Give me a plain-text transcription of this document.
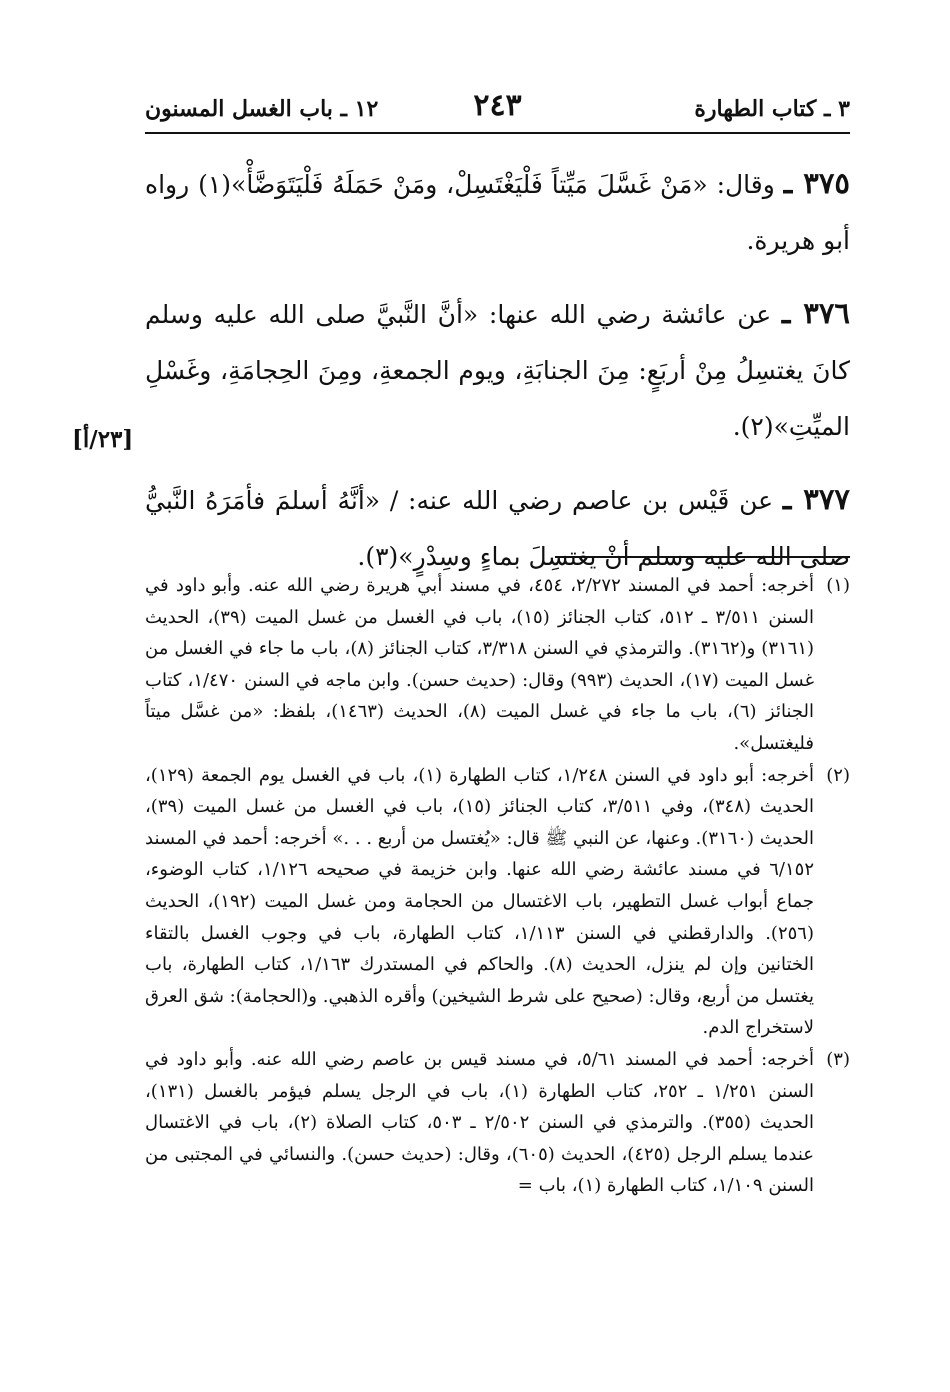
٣ ـ كتاب الطهارة
٢٤٣
١٢ ـ باب الغسل المسنون
[٢٣/أ]

٣٧٥ ـ وقال: «مَنْ غَسَّلَ مَيِّتاً فَلْيَغْتَسِلْ، ومَنْ حَمَلَهُ فَلْيَتَوَضَّأْ»(١) رواه أبو هريرة.

٣٧٦ ـ عن عائشة رضي الله عنها: «أنَّ النَّبيَّ صلى الله عليه وسلم كانَ يغتسِلُ مِنْ أربَعٍ: مِنَ الجنابَةِ، ويوم الجمعةِ، ومِنَ الحِجامَةِ، وغَسْلِ الميِّتِ»(٢).

٣٧٧ ـ عن قَيْس بن عاصم رضي الله عنه: / «أنَّهُ أسلمَ فأمَرَهُ النَّبيُّ صلى الله عليه وسلم أنْ يغتسِلَ بماءٍ وسِدْرٍ»(٣).

(١)
أخرجه: أحمد في المسند ٢/٢٧٢، ٤٥٤، في مسند أبي هريرة رضي الله عنه. وأبو داود في السنن ٣/٥١١ ـ ٥١٢، كتاب الجنائز (١٥)، باب في الغسل من غسل الميت (٣٩)، الحديث (٣١٦١) و(٣١٦٢). والترمذي في السنن ٣/٣١٨، كتاب الجنائز (٨)، باب ما جاء في الغسل من غسل الميت (١٧)، الحديث (٩٩٣) وقال: (حديث حسن). وابن ماجه في السنن ١/٤٧٠، كتاب الجنائز (٦)، باب ما جاء في غسل الميت (٨)، الحديث (١٤٦٣)، بلفظ: «من غسَّل ميتاً فليغتسل».

(٢)
أخرجه: أبو داود في السنن ١/٢٤٨، كتاب الطهارة (١)، باب في الغسل يوم الجمعة (١٢٩)، الحديث (٣٤٨)، وفي ٣/٥١١، كتاب الجنائز (١٥)، باب في الغسل من غسل الميت (٣٩)، الحديث (٣١٦٠). وعنها، عن النبي ﷺ قال: «يُغتسل من أربع . . .» أخرجه: أحمد في المسند ٦/١٥٢ في مسند عائشة رضي الله عنها. وابن خزيمة في صحيحه ١/١٢٦، كتاب الوضوء، جماع أبواب غسل التطهير، باب الاغتسال من الحجامة ومن غسل الميت (١٩٢)، الحديث (٢٥٦). والدارقطني في السنن ١/١١٣، كتاب الطهارة، باب في وجوب الغسل بالتقاء الختانين وإن لم ينزل، الحديث (٨). والحاكم في المستدرك ١/١٦٣، كتاب الطهارة، باب يغتسل من أربع، وقال: (صحيح على شرط الشيخين) وأقره الذهبي. و(الحجامة): شق العرق لاستخراج الدم.

(٣)
أخرجه: أحمد في المسند ٥/٦١، في مسند قيس بن عاصم رضي الله عنه. وأبو داود في السنن ١/٢٥١ ـ ٢٥٢، كتاب الطهارة (١)، باب في الرجل يسلم فيؤمر بالغسل (١٣١)، الحديث (٣٥٥). والترمذي في السنن ٢/٥٠٢ ـ ٥٠٣، كتاب الصلاة (٢)، باب في الاغتسال عندما يسلم الرجل (٤٢٥)، الحديث (٦٠٥)، وقال: (حديث حسن). والنسائي في المجتبى من السنن ١/١٠٩، كتاب الطهارة (١)، باب =
